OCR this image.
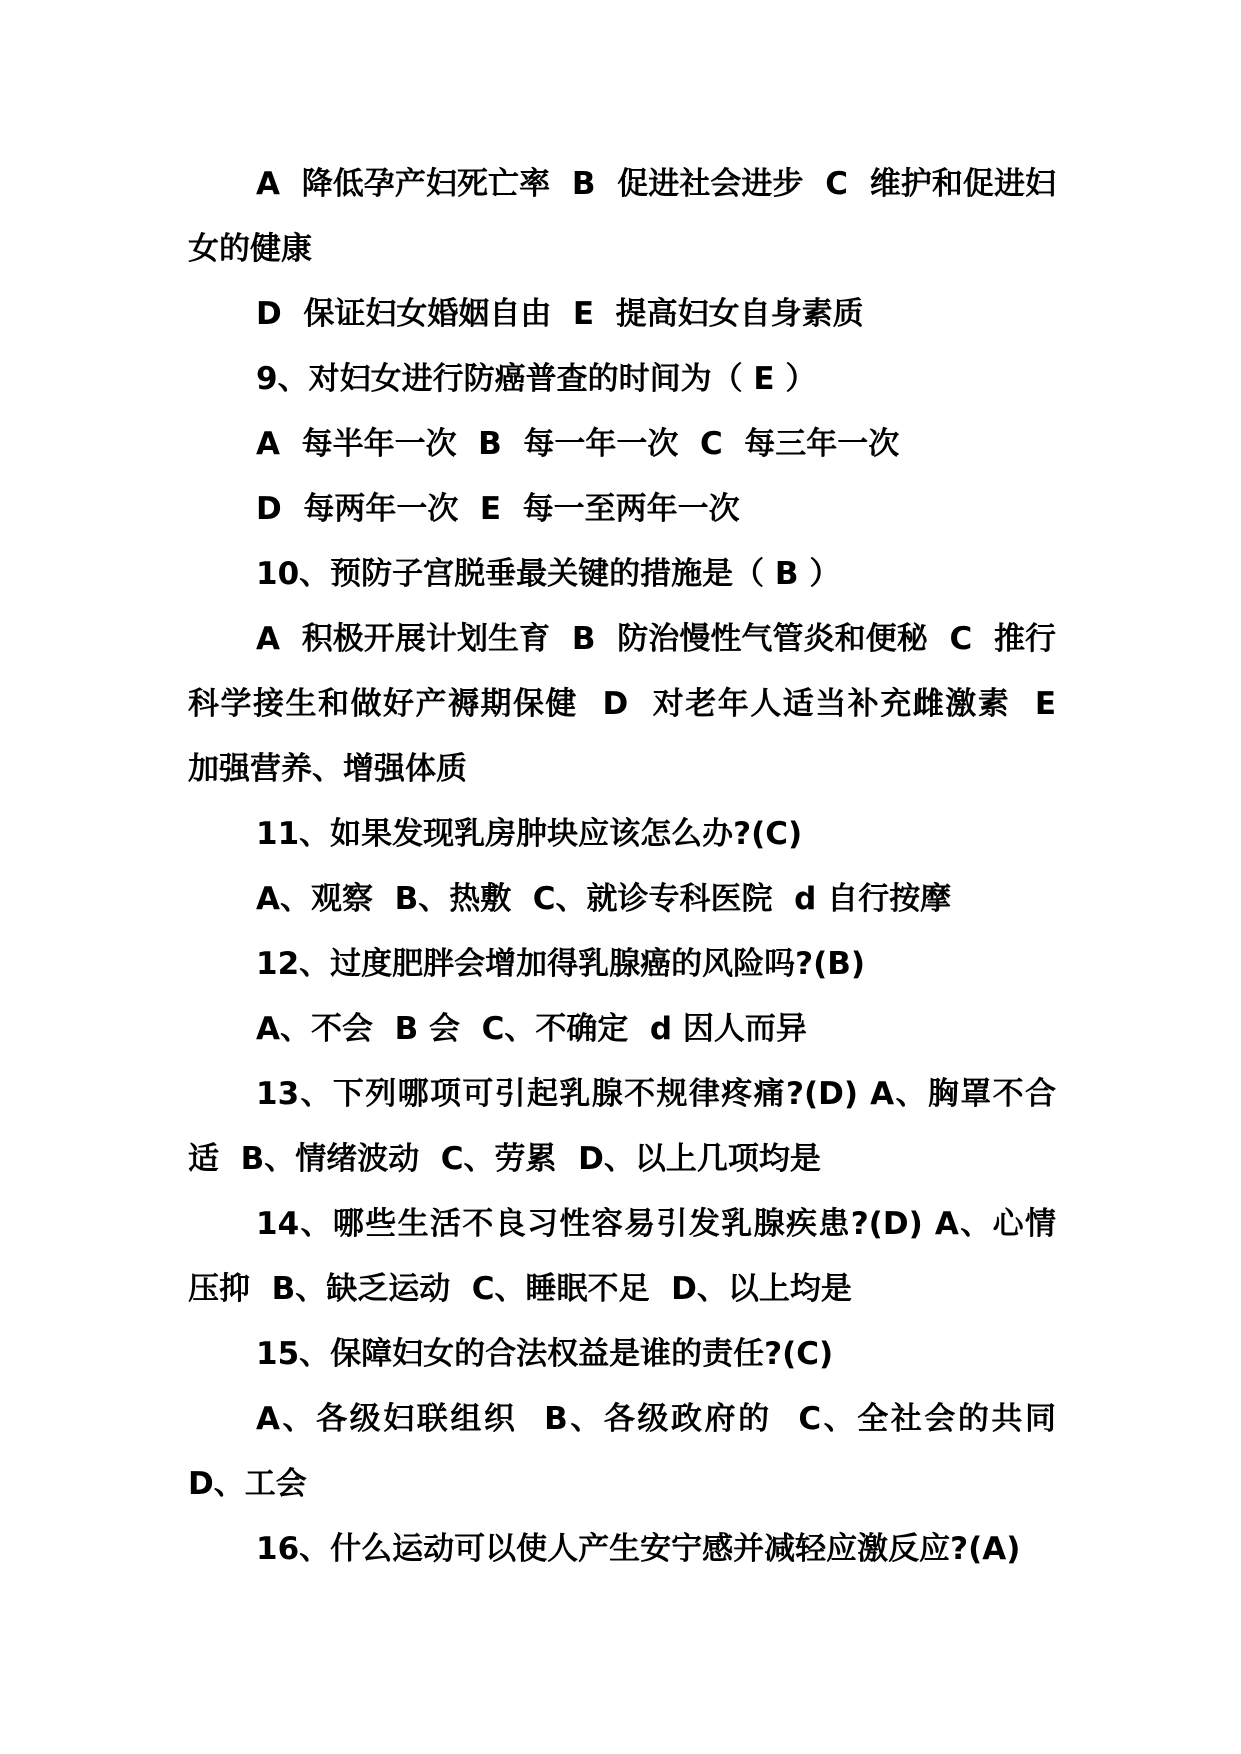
A  降低孕产妇死亡率  B  促进社会进步  C  维护和促进妇女的健康

D  保证妇女婚姻自由  E  提高妇女自身素质

9、对妇女进行防癌普查的时间为（ E ）

A  每半年一次  B  每一年一次  C  每三年一次

D  每两年一次  E  每一至两年一次

10、预防子宫脱垂最关键的措施是（ B ）

A  积极开展计划生育  B  防治慢性气管炎和便秘  C  推行科学接生和做好产褥期保健  D  对老年人适当补充雌激素  E  加强营养、增强体质

11、如果发现乳房肿块应该怎么办?(C)

A、观察  B、热敷  C、就诊专科医院  d 自行按摩

12、过度肥胖会增加得乳腺癌的风险吗?(B)

A、不会  B 会  C、不确定  d 因人而异

13、下列哪项可引起乳腺不规律疼痛?(D) A、胸罩不合适  B、情绪波动  C、劳累  D、以上几项均是

14、哪些生活不良习性容易引发乳腺疾患?(D) A、心情压抑  B、缺乏运动  C、睡眠不足  D、以上均是

15、保障妇女的合法权益是谁的责任?(C)

A、各级妇联组织  B、各级政府的  C、全社会的共同  D、工会

16、什么运动可以使人产生安宁感并减轻应激反应?(A)
